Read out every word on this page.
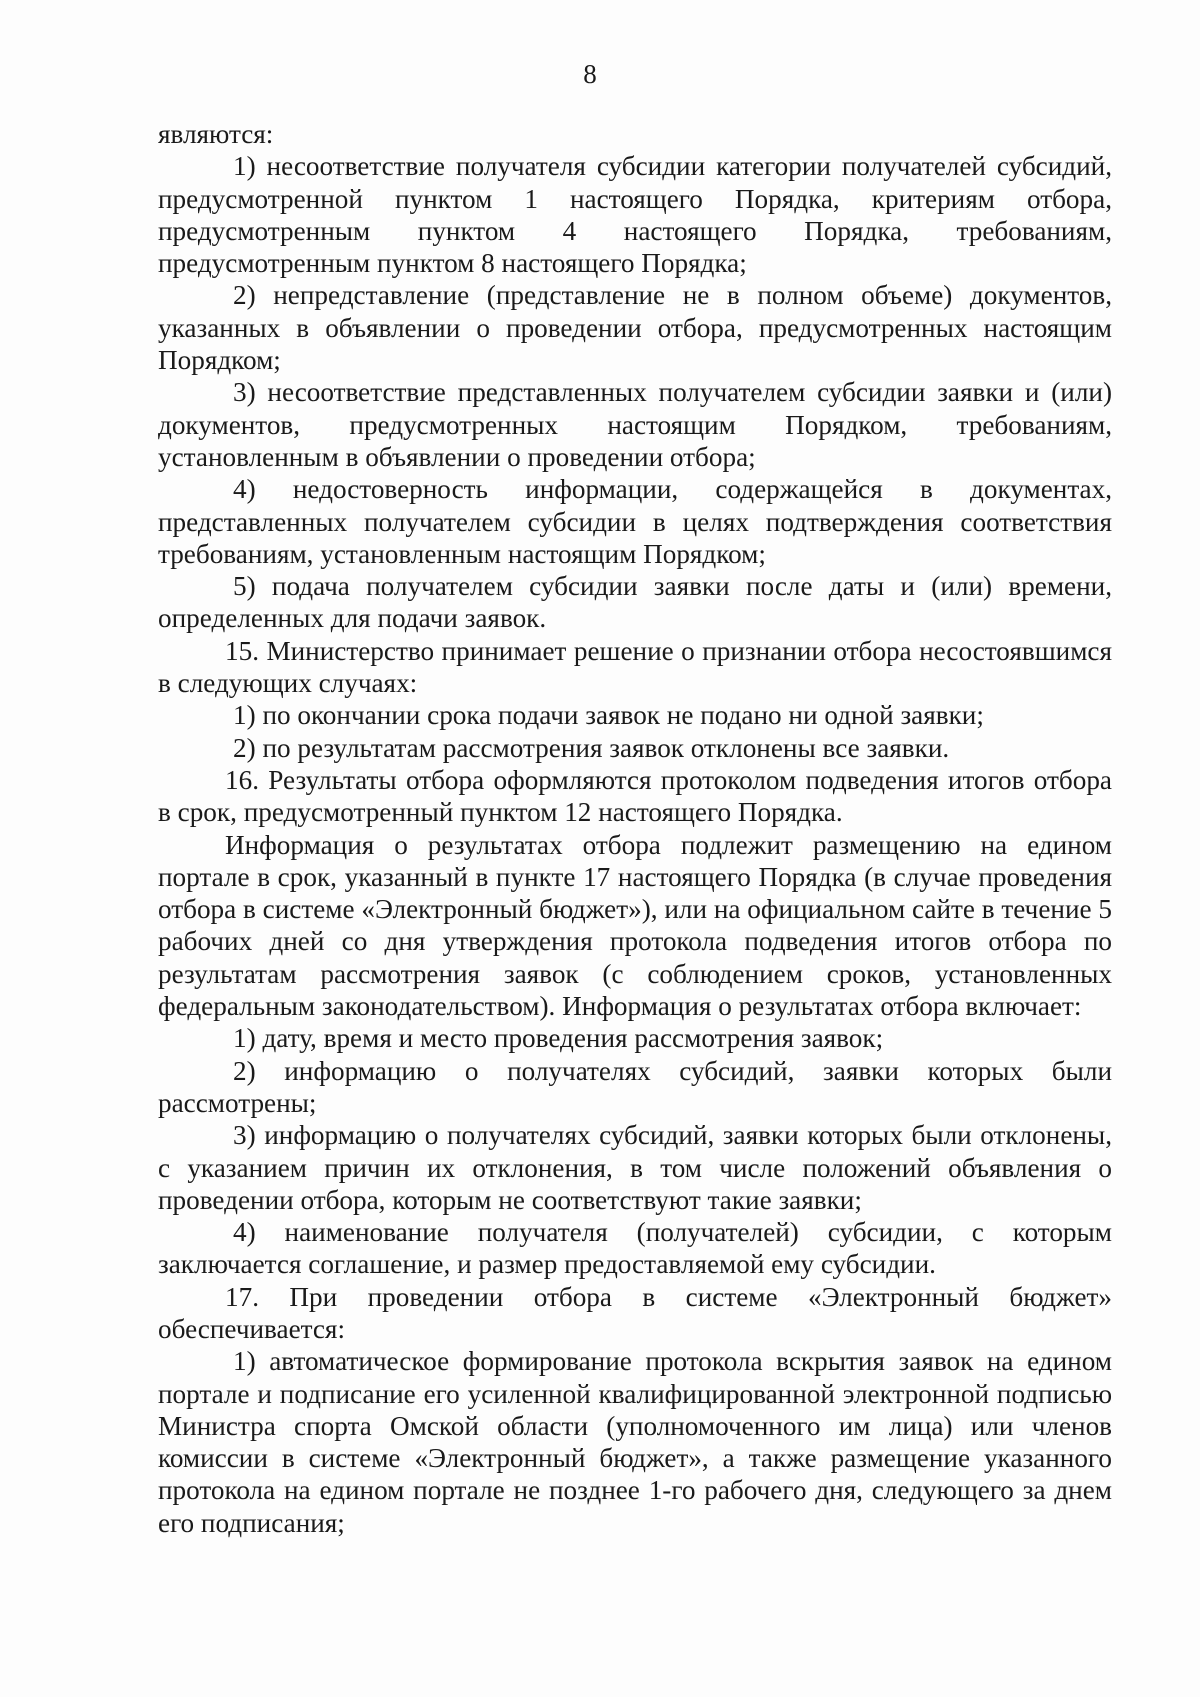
8

являются:

1) несоответствие получателя субсидии категории получателей субсидий, предусмотренной пунктом 1 настоящего Порядка, критериям отбора, предусмотренным пунктом 4 настоящего Порядка, требованиям, предусмотренным пунктом 8 настоящего Порядка;

2) непредставление (представление не в полном объеме) документов, указанных в объявлении о проведении отбора, предусмотренных настоящим Порядком;

3) несоответствие представленных получателем субсидии заявки и (или) документов, предусмотренных настоящим Порядком, требованиям, установленным в объявлении о проведении отбора;

4) недостоверность информации, содержащейся в документах, представленных получателем субсидии в целях подтверждения соответствия требованиям, установленным настоящим Порядком;

5) подача получателем субсидии заявки после даты и (или) времени, определенных для подачи заявок.

15. Министерство принимает решение о признании отбора несостоявшимся в следующих случаях:

1) по окончании срока подачи заявок не подано ни одной заявки;

2) по результатам рассмотрения заявок отклонены все заявки.

16. Результаты отбора оформляются протоколом подведения итогов отбора в срок, предусмотренный пунктом 12 настоящего Порядка.

Информация о результатах отбора подлежит размещению на едином портале в срок, указанный в пункте 17 настоящего Порядка (в случае проведения отбора в системе «Электронный бюджет»), или на официальном сайте в течение 5 рабочих дней со дня утверждения протокола подведения итогов отбора по результатам рассмотрения заявок (с соблюдением сроков, установленных федеральным законодательством). Информация о результатах отбора включает:

1) дату, время и место проведения рассмотрения заявок;

2) информацию о получателях субсидий, заявки которых были рассмотрены;

3) информацию о получателях субсидий, заявки которых были отклонены, с указанием причин их отклонения, в том числе положений объявления о проведении отбора, которым не соответствуют такие заявки;

4) наименование получателя (получателей) субсидии, с которым заключается соглашение, и размер предоставляемой ему субсидии.

17. При проведении отбора в системе «Электронный бюджет» обеспечивается:

1) автоматическое формирование протокола вскрытия заявок на едином портале и подписание его усиленной квалифицированной электронной подписью Министра спорта Омской области (уполномоченного им лица) или членов комиссии в системе «Электронный бюджет», а также размещение указанного протокола на едином портале не позднее 1-го рабочего дня, следующего за днем его подписания;
